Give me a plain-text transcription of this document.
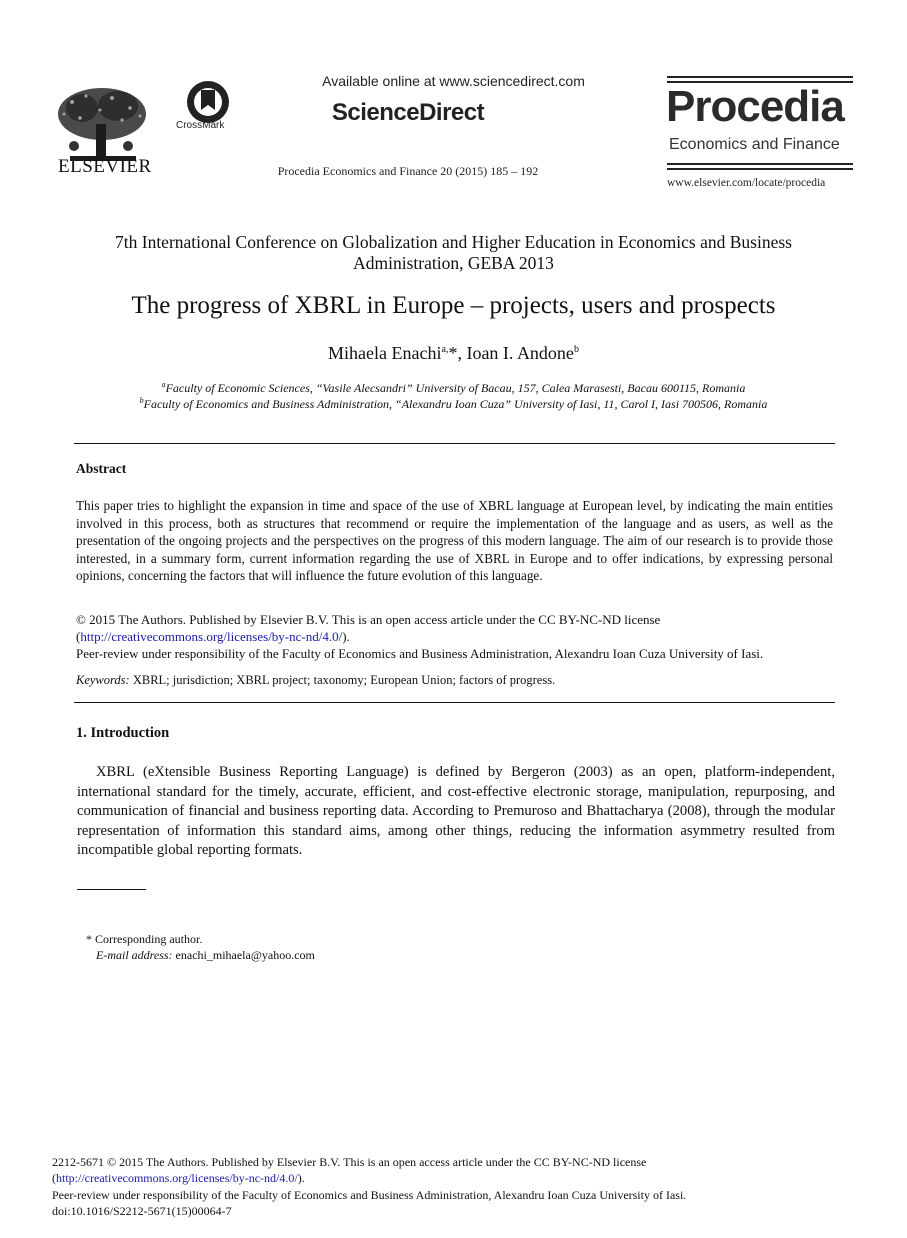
ELSEVIER
CrossMark
Available online at www.sciencedirect.com
ScienceDirect
Procedia Economics and Finance 20 (2015) 185 – 192
Procedia
Economics and Finance
www.elsevier.com/locate/procedia
7th International Conference on Globalization and Higher Education in Economics and Business Administration, GEBA 2013
The progress of XBRL in Europe – projects, users and prospects
Mihaela Enachi$^{a,}$*, Ioan I. Andone$^b$
$^a$Faculty of Economic Sciences, “Vasile Alecsandri” University of Bacau, 157, Calea Marasesti, Bacau 600115, Romania
$^b$Faculty of Economics and Business Administration, “Alexandru Ioan Cuza” University of Iasi, 11, Carol I, Iasi 700506, Romania
Abstract
This paper tries to highlight the expansion in time and space of the use of XBRL language at European level, by indicating the main entities involved in this process, both as structures that recommend or require the implementation of the language and as users, as well as the presentation of the ongoing projects and the perspectives on the progress of this modern language. The aim of our research is to provide those interested, in a summary form, current information regarding the use of XBRL in Europe and to offer indications, by expressing personal opinions, concerning the factors that will influence the future evolution of this language.
© 2015 The Authors. Published by Elsevier B.V. This is an open access article under the CC BY-NC-ND license
(http://creativecommons.org/licenses/by-nc-nd/4.0/).
Peer-review under responsibility of the Faculty of Economics and Business Administration, Alexandru Ioan Cuza University of Iasi.
Keywords: XBRL; jurisdiction; XBRL project; taxonomy; European Union; factors of progress.
1. Introduction
XBRL (eXtensible Business Reporting Language) is defined by Bergeron (2003) as an open, platform-independent, international standard for the timely, accurate, efficient, and cost-effective electronic storage, manipulation, repurposing, and communication of financial and business reporting data. According to Premuroso and Bhattacharya (2008), through the modular representation of information this standard aims, among other things, reducing the information asymmetry resulted from incompatible global reporting formats.
* Corresponding author.
E-mail address: enachi_mihaela@yahoo.com
2212-5671 © 2015 The Authors. Published by Elsevier B.V. This is an open access article under the CC BY-NC-ND license
(http://creativecommons.org/licenses/by-nc-nd/4.0/).
Peer-review under responsibility of the Faculty of Economics and Business Administration, Alexandru Ioan Cuza University of Iasi.
doi:10.1016/S2212-5671(15)00064-7
